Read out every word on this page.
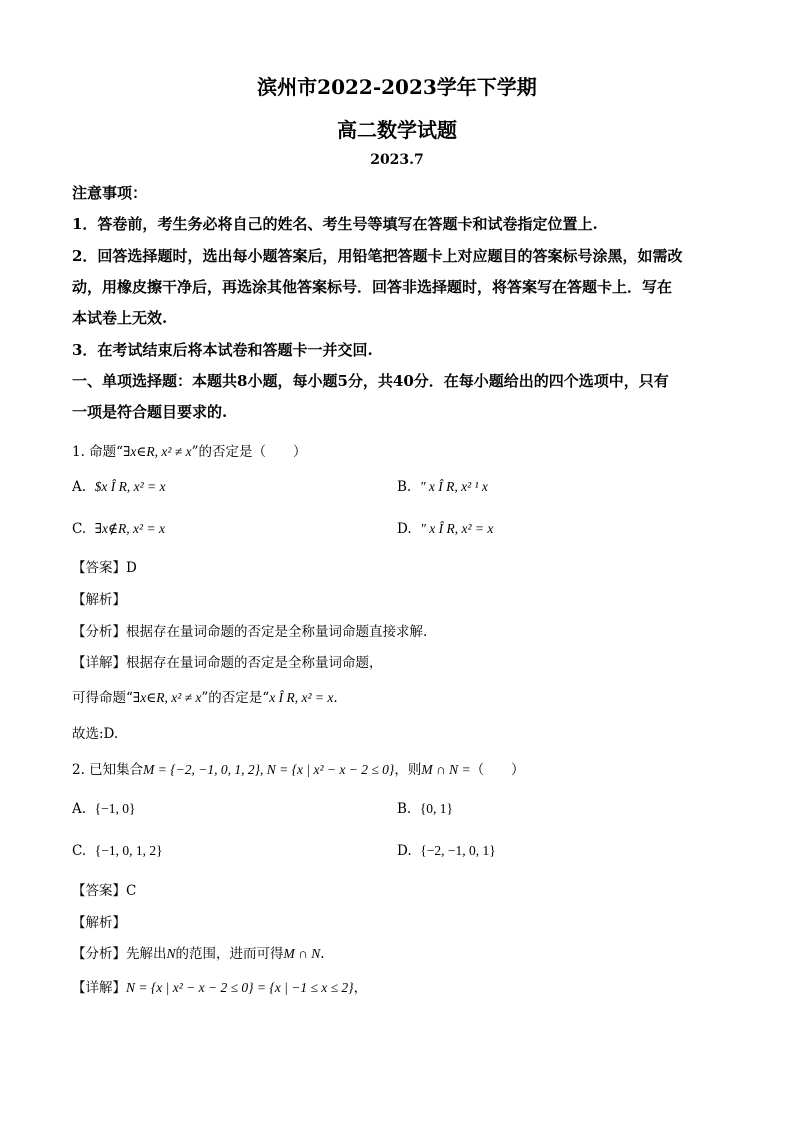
滨州市2022-2023学年下学期
高二数学试题
2023.7
注意事项：
1．答卷前，考生务必将自己的姓名、考生号等填写在答题卡和试卷指定位置上.
2．回答选择题时，选出每小题答案后，用铅笔把答题卡上对应题目的答案标号涂黑，如需改
动，用橡皮擦干净后，再选涂其他答案标号．回答非选择题时，将答案写在答题卡上．写在
本试卷上无效.
3．在考试结束后将本试卷和答题卡一并交回.
一、单项选择题：本题共8小题，每小题5分，共40分．在每小题给出的四个选项中，只有
一项是符合题目要求的.
1. 命题“∃x∈R, x² ≠ x”的否定是（　　）
A. $x Î R, x² = x	B. " x Î R, x² ¹ x
C. ∃x∉R, x² = x	D. " x Î R, x² = x
【答案】D
【解析】
【分析】根据存在量词命题的否定是全称量词命题直接求解.
【详解】根据存在量词命题的否定是全称量词命题，
可得命题“∃x∈R, x² ≠ x”的否定是“x Î R, x² = x.
故选:D.
2. 已知集合M = {−2, −1, 0, 1, 2}, N = {x | x² − x − 2 ≤ 0}，则M ∩ N =（　　）
A. {−1, 0}	B. {0, 1}
C. {−1, 0, 1, 2}	D. {−2, −1, 0, 1}
【答案】C
【解析】
【分析】先解出N的范围，进而可得M ∩ N.
【详解】N = {x | x² − x − 2 ≤ 0} = {x | −1 ≤ x ≤ 2}，
